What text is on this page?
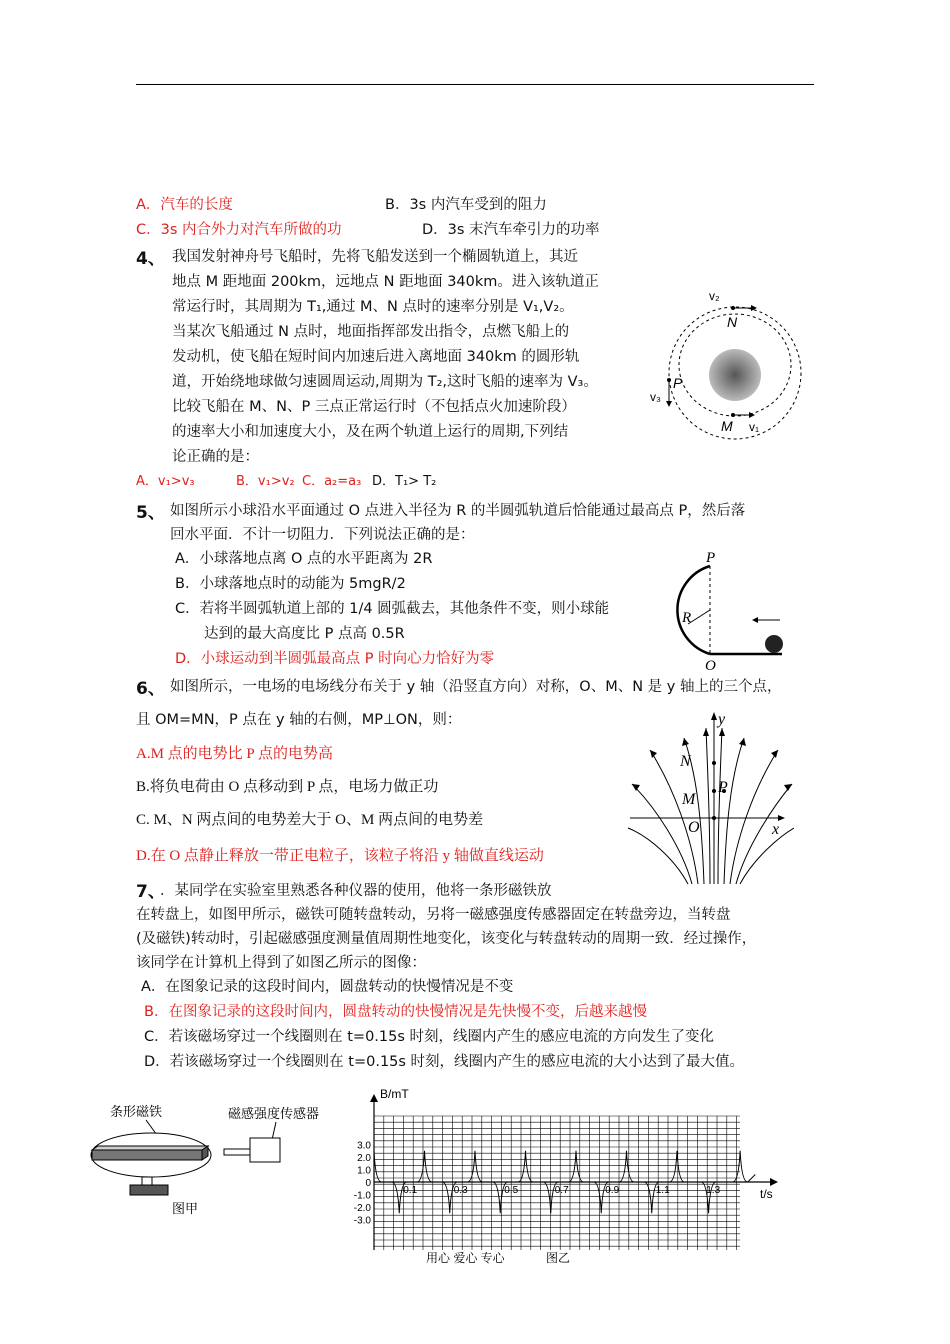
A．汽车的长度	B．3s 内汽车受到的阻力
C．3s 内合外力对汽车所做的功	D．3s 末汽车牵引力的功率
4、 我国发射神舟号飞船时，先将飞船发送到一个椭圆轨道上，其近
地点 M 距地面 200km，远地点 N 距地面 340km。进入该轨道正
常运行时，其周期为 T₁,通过 M、N 点时的速率分别是 V₁,V₂。
当某次飞船通过 N 点时，地面指挥部发出指令，点燃飞船上的
发动机，使飞船在短时间内加速后进入离地面 340km 的圆形轨
道，开始绕地球做匀速圆周运动,周期为 T₂,这时飞船的速率为 V₃。
比较飞船在 M、N、P 三点正常运行时（不包括点火加速阶段）
的速率大小和加速度大小，及在两个轨道上运行的周期,下列结
论正确的是：
A．v₁>v₃	B．v₁>v₂ C．a₂=a₃ D．T₁> T₂
v₂
N
P
v₃
M v₁
5、 如图所示小球沿水平面通过 O 点进入半径为 R 的半圆弧轨道后恰能通过最高点 P，然后落
回水平面．不计一切阻力．下列说法正确的是：
A．小球落地点离 O 点的水平距离为 2R
B．小球落地点时的动能为 5mgR/2
C．若将半圆弧轨道上部的 1/4 圆弧截去，其他条件不变，则小球能
达到的最大高度比 P 点高 0.5R
D．小球运动到半圆弧最高点 P 时向心力恰好为零
P
R
O
6、 如图所示，一电场的电场线分布关于 y 轴（沿竖直方向）对称，O、M、N 是 y 轴上的三个点，
且 OM=MN，P 点在 y 轴的右侧，MP⊥ON，则：
A.M 点的电势比 P 点的电势高
B.将负电荷由 O 点移动到 P 点，电场力做正功
C. M、N 两点间的电势差大于 O、M 两点间的电势差
D.在 O 点静止释放一带正电粒子，该粒子将沿 y 轴做直线运动
y
N
P
M
O	x
7、
．某同学在实验室里熟悉各种仪器的使用，他将一条形磁铁放
在转盘上，如图甲所示，磁铁可随转盘转动，另将一磁感强度传感器固定在转盘旁边，当转盘
(及磁铁)转动时，引起磁感强度测量值周期性地变化，该变化与转盘转动的周期一致．经过操作，
该同学在计算机上得到了如图乙所示的图像：
A．在图象记录的这段时间内，圆盘转动的快慢情况是不变
B．在图象记录的这段时间内，圆盘转动的快慢情况是先快慢不变，后越来越慢
C．若该磁场穿过一个线圈则在 t=0.15s 时刻，线圈内产生的感应电流的方向发生了变化
D．若该磁场穿过一个线圈则在 t=0.15s 时刻，线圈内产生的感应电流的大小达到了最大值。
条形磁铁	磁感强度传感器
图甲
B/mT
t/s
3.0
2.0
1.0
0
-1.0
-2.0
-3.0
0.1	0.3	0.5	0.7	0.9	1.1	1.3
用心 爱心 专心	图乙
